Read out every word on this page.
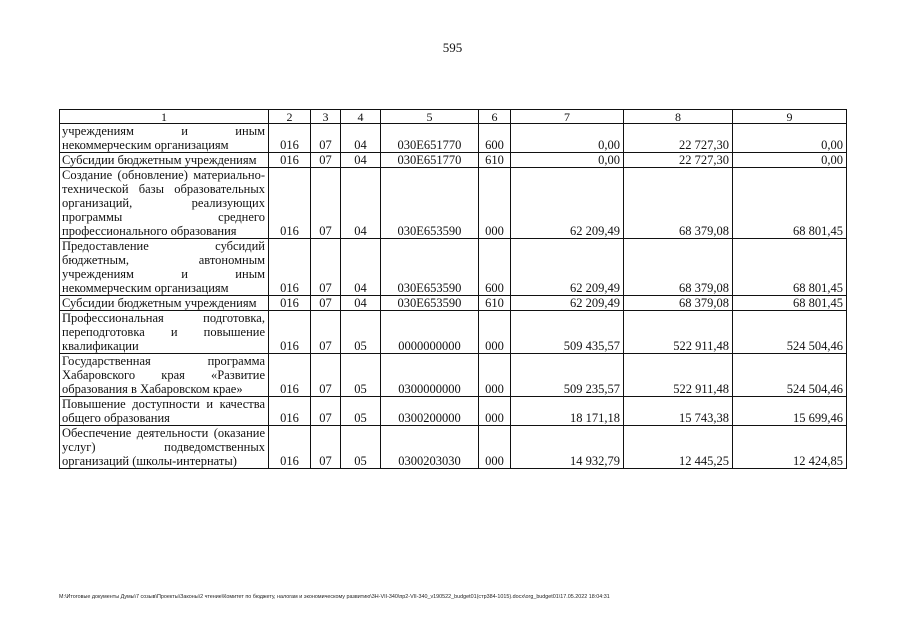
595
1	2	3	4	5	6	7	8	9
учреждениям и иным некоммерческим организациям	016	07	04	030E651770	600	0,00	22 727,30	0,00
Субсидии бюджетным учреждениям	016	07	04	030E651770	610	0,00	22 727,30	0,00
Создание (обновление) материально-технической базы образовательных организаций, реализующих программы среднего профессионального образования	016	07	04	030E653590	000	62 209,49	68 379,08	68 801,45
Предоставление субсидий бюджетным, автономным учреждениям и иным некоммерческим организациям	016	07	04	030E653590	600	62 209,49	68 379,08	68 801,45
Субсидии бюджетным учреждениям	016	07	04	030E653590	610	62 209,49	68 379,08	68 801,45
Профессиональная подготовка, переподготовка и повышение квалификации	016	07	05	0000000000	000	509 435,57	522 911,48	524 504,46
Государственная программа Хабаровского края «Развитие образования в Хабаровском крае»	016	07	05	0300000000	000	509 235,57	522 911,48	524 504,46
Повышение доступности и качества общего образования	016	07	05	0300200000	000	18 171,18	15 743,38	15 699,46
Обеспечение деятельности (оказание услуг) подведомственных организаций (школы-интернаты)	016	07	05	0300203030	000	14 932,79	12 445,25	12 424,85
M:\Итоговые документы Думы\7 созыв\Проекты\Законы\2 чтение\Комитет по бюджету, налогам и экономическому развитию\3Н-VII-340\пр2-VII-340_v190522_budget01(стр384-1015).docx\org_budget01\17.05.2022 18:04:31
